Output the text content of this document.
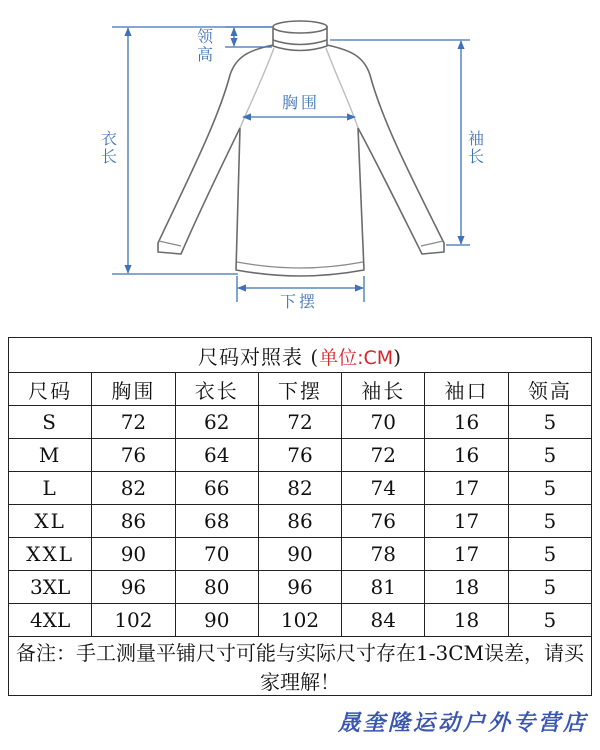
领
高
衣
长
胸围
袖
长
下摆
尺码对照表 (单位:CM)						
尺码	胸围	衣长	下摆	袖长	袖口	领高
S	72	62	72	70	16	5
M	76	64	76	72	16	5
L	82	66	82	74	17	5
XL	86	68	86	76	17	5
XXL	90	70	90	78	17	5
3XL	96	80	96	81	18	5
4XL	102	90	102	84	18	5
备注：手工测量平铺尺寸可能与实际尺寸存在1-3CM误差，请买家理解！						
晟奎隆运动户外专营店
